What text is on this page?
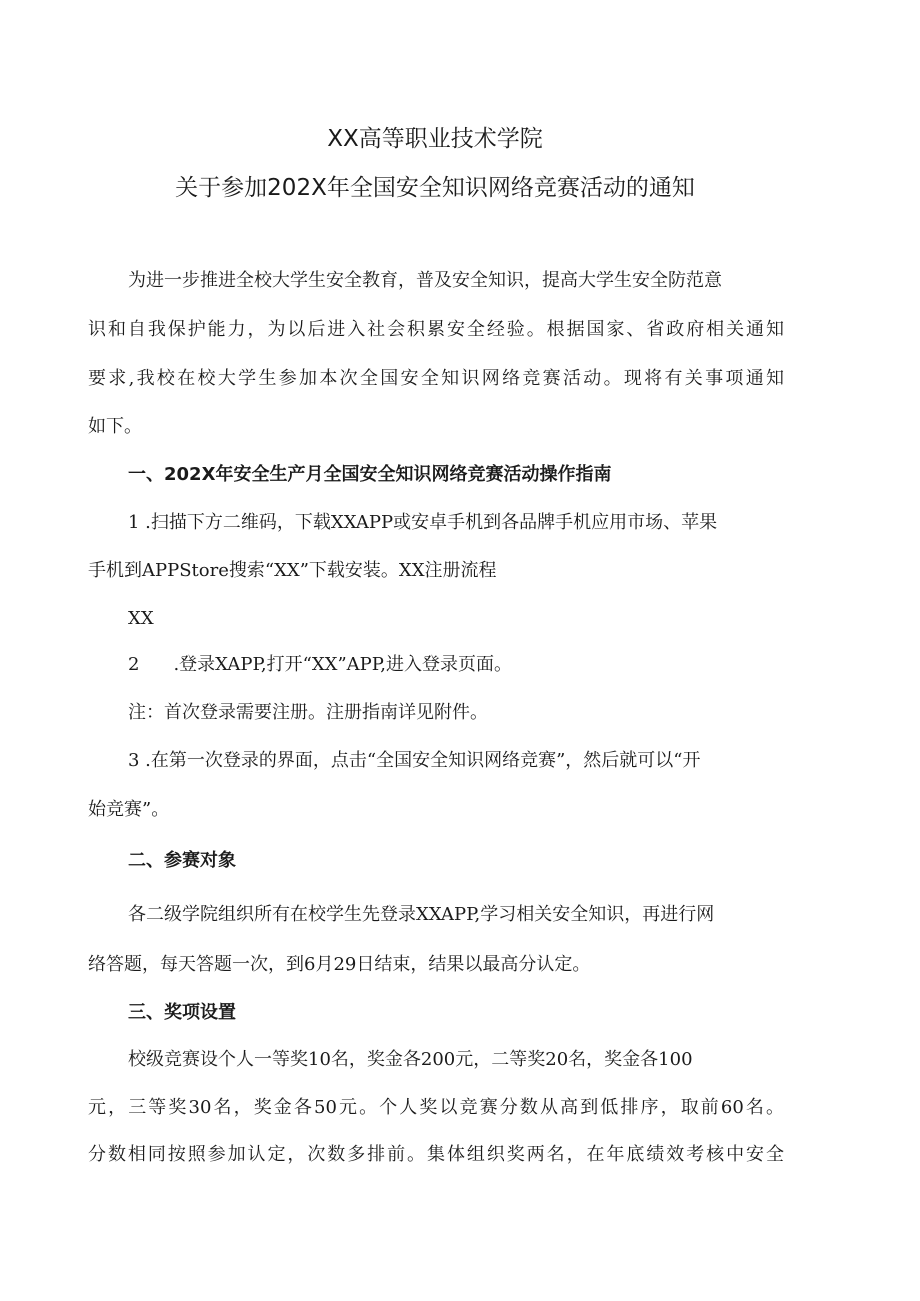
XX高等职业技术学院
关于参加202X年全国安全知识网络竞赛活动的通知
为进一步推进全校大学生安全教育，普及安全知识，提高大学生安全防范意
识和自我保护能力，为以后进入社会积累安全经验。根据国家、省政府相关通知
要求,我校在校大学生参加本次全国安全知识网络竞赛活动。现将有关事项通知
如下。
一、202X年安全生产月全国安全知识网络竞赛活动操作指南
1 .扫描下方二维码，下载XXAPP或安卓手机到各品牌手机应用市场、苹果
手机到APPStore搜索“XX”下载安装。XX注册流程
XX
2 .登录XAPP,打开“XX”APP,进入登录页面。
注：首次登录需要注册。注册指南详见附件。
3 .在第一次登录的界面，点击“全国安全知识网络竞赛”，然后就可以“开
始竞赛”。
二、参赛对象
各二级学院组织所有在校学生先登录XXAPP,学习相关安全知识，再进行网
络答题，每天答题一次，到6月29日结束，结果以最高分认定。
三、奖项设置
校级竞赛设个人一等奖10名，奖金各200元，二等奖20名，奖金各100
元，三等奖30名，奖金各50元。个人奖以竞赛分数从高到低排序，取前60名。
分数相同按照参加认定，次数多排前。集体组织奖两名，在年底绩效考核中安全
